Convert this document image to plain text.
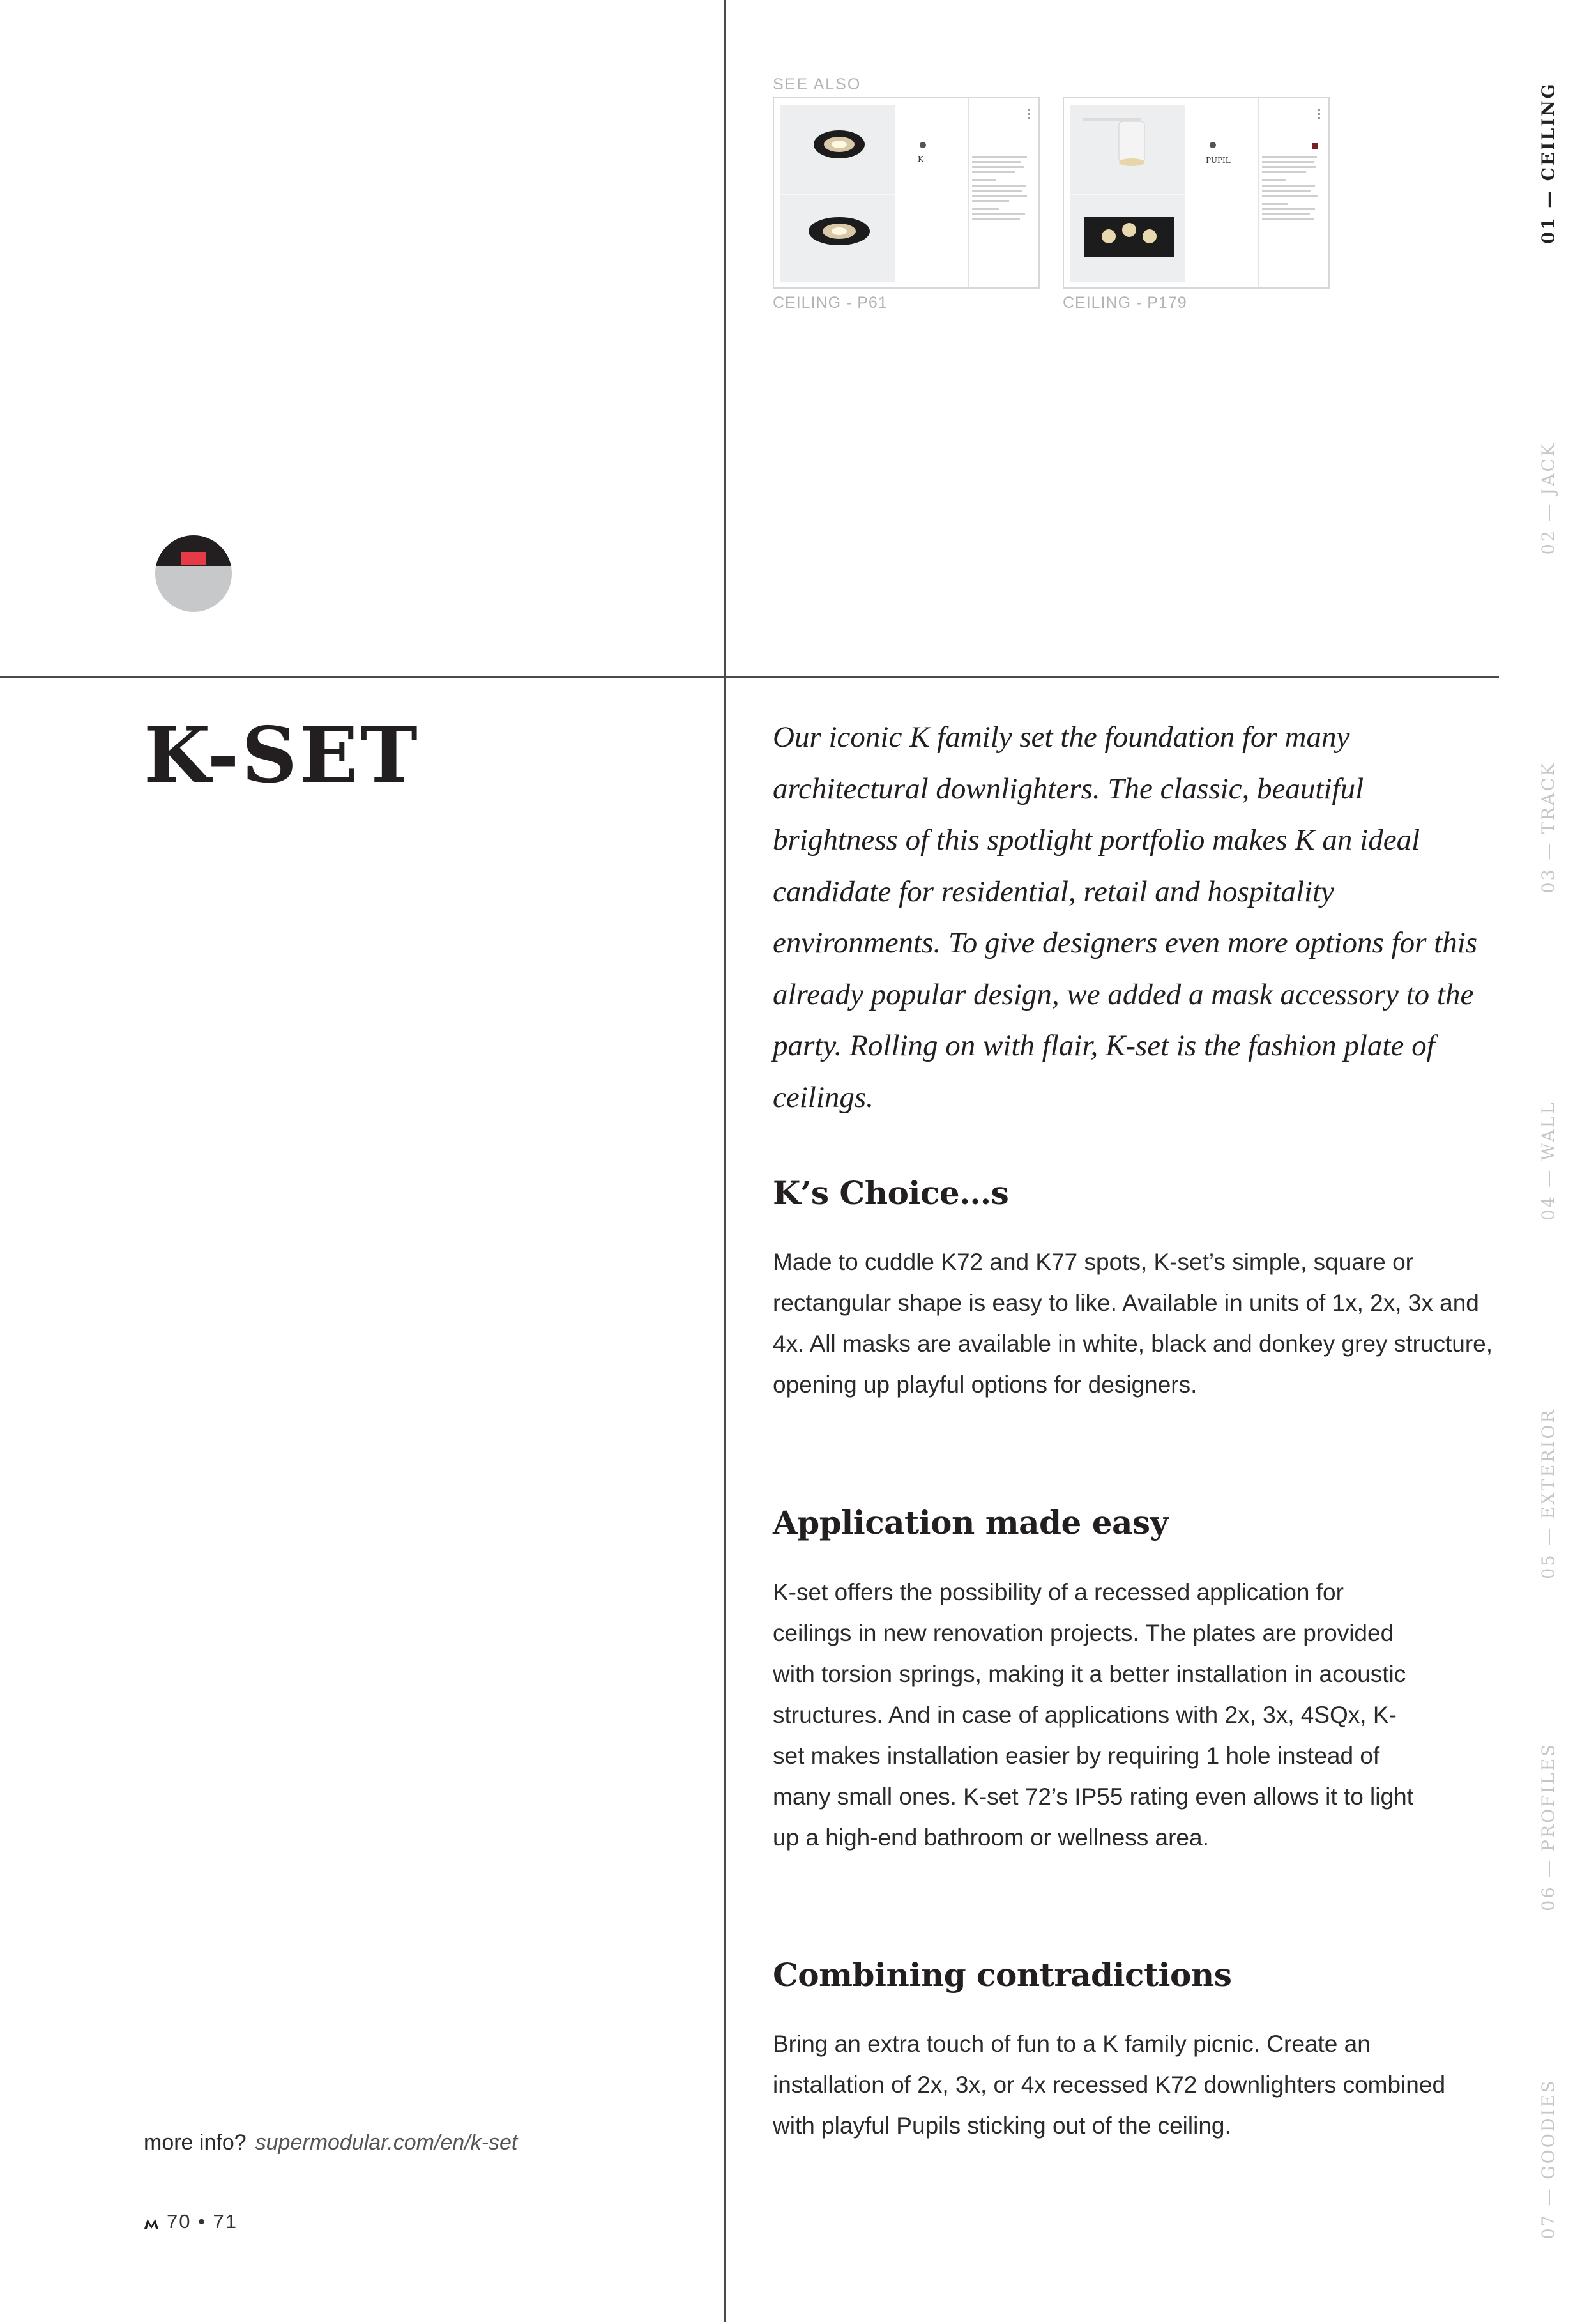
SEE ALSO
K
CEILING - P61
PUPIL
CEILING - P179
01 — CEILING
02 — JACK
03 — TRACK
04 — WALL
05 — EXTERIOR
06 — PROFILES
07 — GOODIES
K-SET	Our iconic K family set the foundation for many architectural downlighters. The classic, beautiful brightness of this spotlight portfolio makes K an ideal candidate for residential, retail and hospitality environments. To give designers even more options for this already popular design, we added a mask accessory to the party. Rolling on with flair, K-set is the fashion plate of ceilings.

K’s Choice…s

Made to cuddle K72 and K77 spots, K-set’s simple, square or rectangular shape is easy to like. Available in units of 1x, 2x, 3x and 4x. All masks are available in white, black and donkey grey structure, opening up playful options for designers.

Application made easy

K-set offers the possibility of a recessed application for ceilings in new renovation projects. The plates are provided with torsion springs, making it a better installation in acoustic structures. And in case of applications with 2x, 3x, 4SQx, K-set makes installation easier by requiring 1 hole instead of many small ones. K-set 72’s IP55 rating even allows it to light up a high-end bathroom or wellness area.

Combining contradictions

Bring an extra touch of fun to a K family picnic. Create an installation of 2x, 3x, or 4x recessed K72 downlighters combined with playful Pupils sticking out of the ceiling.

more info? supermodular.com/en/k-set
70 • 71
